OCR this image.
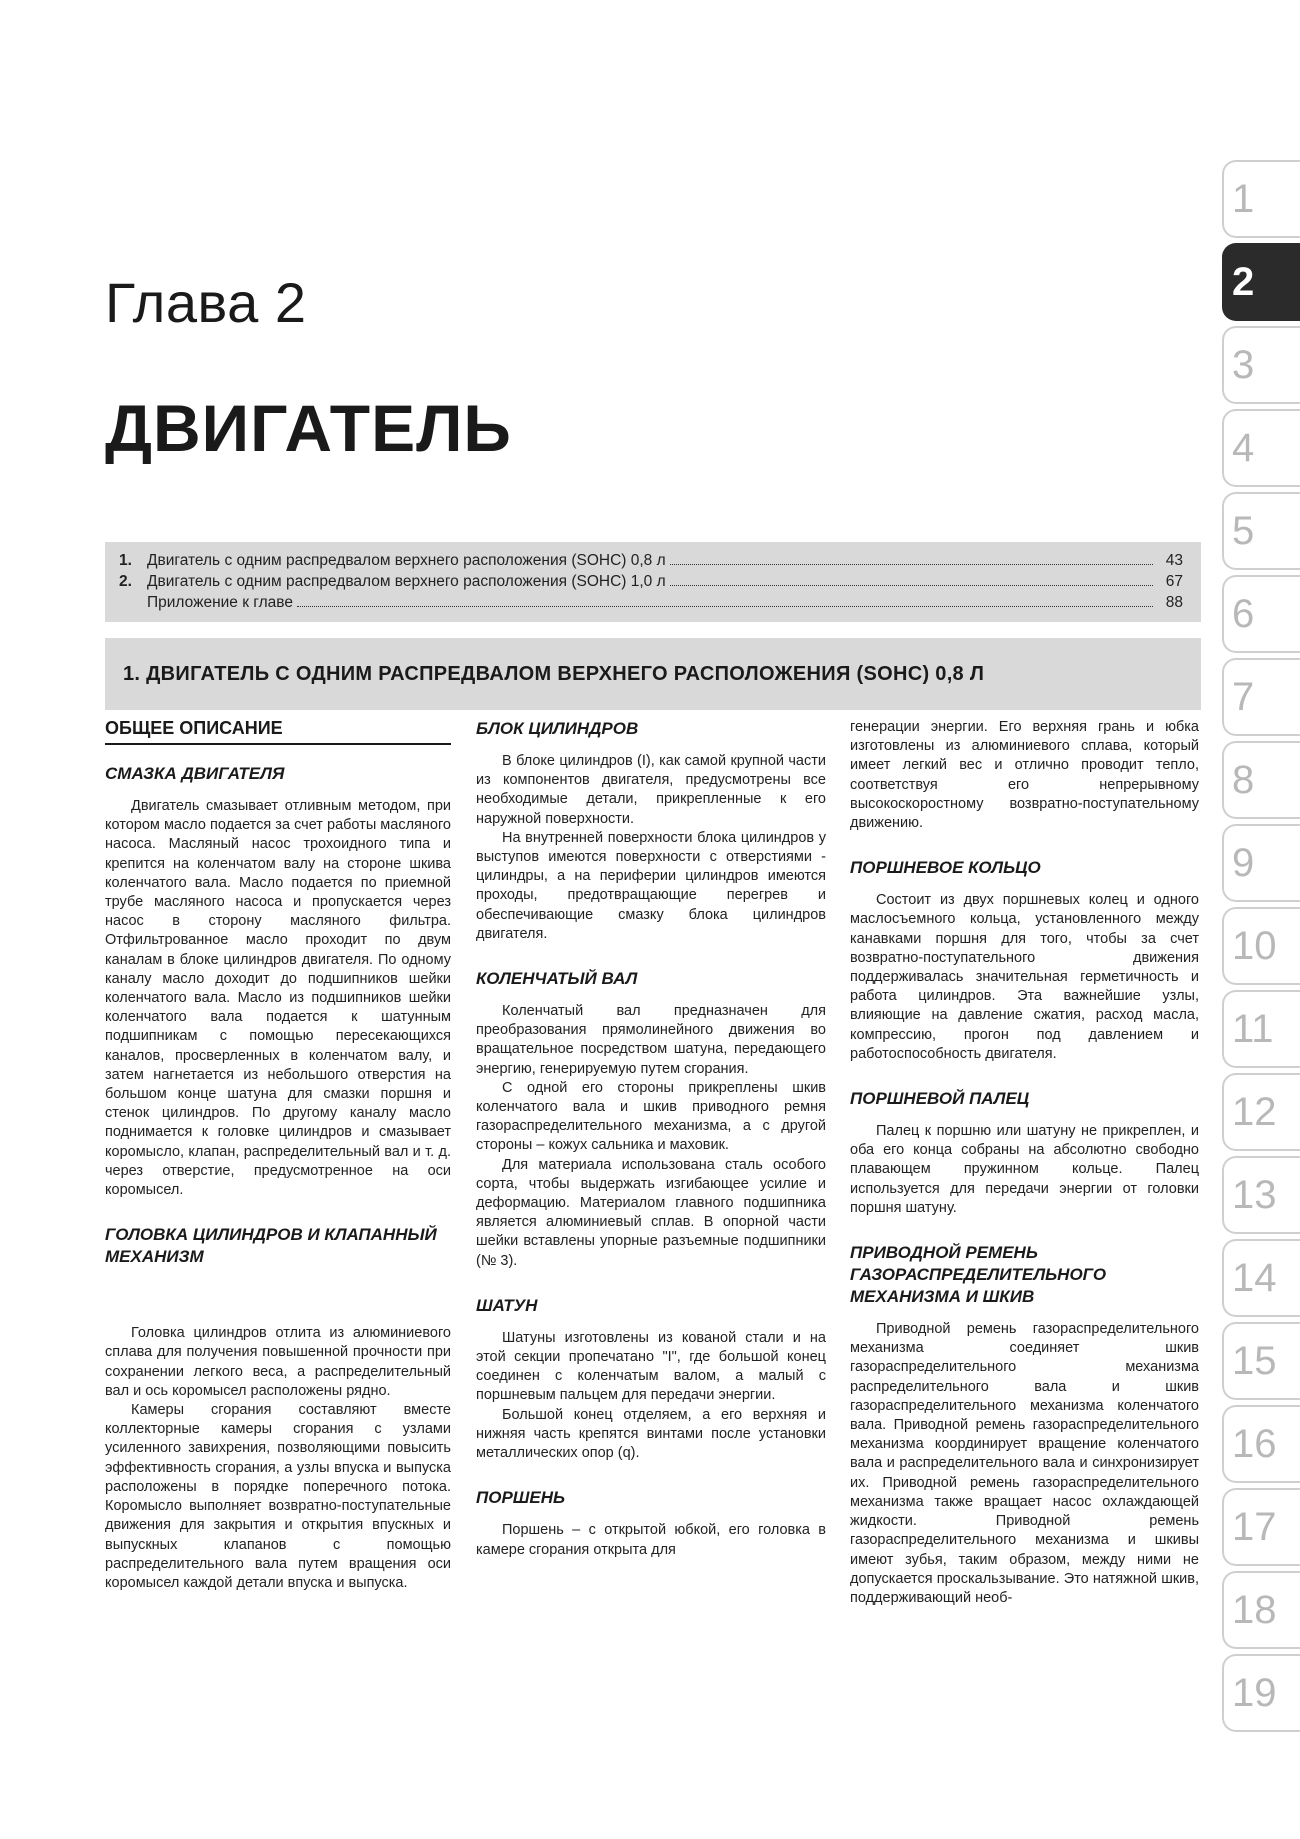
Глава 2
ДВИГАТЕЛЬ
1. Двигатель с одним распредвалом верхнего расположения (SOHC) 0,8 л	43
2. Двигатель с одним распредвалом верхнего расположения (SOHC) 1,0 л	67
Приложение к главе	88
1. ДВИГАТЕЛЬ С ОДНИМ РАСПРЕДВАЛОМ ВЕРХНЕГО РАСПОЛОЖЕНИЯ (SOHC) 0,8 Л
ОБЩЕЕ ОПИСАНИЕ
СМАЗКА ДВИГАТЕЛЯ

Двигатель смазывает отливным методом, при котором масло подается за счет работы масляного насоса. Масляный насос трохоидного типа и крепится на коленчатом валу на стороне шкива коленчатого вала. Масло подается по приемной трубе масляного насоса и пропускается через насос в сторону масляного фильтра. Отфильтрованное масло проходит по двум каналам в блоке цилиндров двигателя. По одному каналу масло доходит до подшипников шейки коленчатого вала. Масло из подшипников шейки коленчатого вала подается к шатунным подшипникам с помощью пересекающихся каналов, просверленных в коленчатом валу, и затем нагнетается из небольшого отверстия на большом конце шатуна для смазки поршня и стенок цилиндров. По другому каналу масло поднимается к головке цилиндров и смазывает коромысло, клапан, распределительный вал и т. д. через отверстие, предусмотренное на оси коромысел.

ГОЛОВКА ЦИЛИНДРОВ И КЛАПАННЫЙ МЕХАНИЗМ

Головка цилиндров отлита из алюминиевого сплава для получения повышенной прочности при сохранении легкого веса, а распределительный вал и ось коромысел расположены рядно.

Камеры сгорания составляют вместе коллекторные камеры сгорания с узлами усиленного завихрения, позволяющими повысить эффективность сгорания, а узлы впуска и выпуска расположены в порядке поперечного потока. Коромысло выполняет возвратно-поступательные движения для закрытия и открытия впускных и выпускных клапанов с помощью распределительного вала путем вращения оси коромысел каждой детали впуска и выпуска.

БЛОК ЦИЛИНДРОВ

В блоке цилиндров (I), как самой крупной части из компонентов двигателя, предусмотрены все необходимые детали, прикрепленные к его наружной поверхности.

На внутренней поверхности блока цилиндров у выступов имеются поверхности с отверстиями - цилиндры, а на периферии цилиндров имеются проходы, предотвращающие перегрев и обеспечивающие смазку блока цилиндров двигателя.

КОЛЕНЧАТЫЙ ВАЛ

Коленчатый вал предназначен для преобразования прямолинейного движения во вращательное посредством шатуна, передающего энергию, генерируемую путем сгорания.

С одной его стороны прикреплены шкив коленчатого вала и шкив приводного ремня газораспределительного механизма, а с другой стороны – кожух сальника и маховик.

Для материала использована сталь особого сорта, чтобы выдержать изгибающее усилие и деформацию. Материалом главного подшипника является алюминиевый сплав. В опорной части шейки вставлены упорные разъемные подшипники (№ 3).

ШАТУН

Шатуны изготовлены из кованой стали и на этой секции пропечатано "I", где большой конец соединен с коленчатым валом, а малый с поршневым пальцем для передачи энергии.

Большой конец отделяем, а его верхняя и нижняя часть крепятся винтами после установки металлических опор (q).

ПОРШЕНЬ

Поршень – с открытой юбкой, его головка в камере сгорания открыта для

генерации энергии. Его верхняя грань и юбка изготовлены из алюминиевого сплава, который имеет легкий вес и отлично проводит тепло, соответствуя его непрерывному высокоскоростному возвратно-поступательному движению.

ПОРШНЕВОЕ КОЛЬЦО

Состоит из двух поршневых колец и одного маслосъемного кольца, установленного между канавками поршня для того, чтобы за счет возвратно-поступательного движения поддерживалась значительная герметичность и работа цилиндров. Эта важнейшие узлы, влияющие на давление сжатия, расход масла, компрессию, прогон под давлением и работоспособность двигателя.

ПОРШНЕВОЙ ПАЛЕЦ

Палец к поршню или шатуну не прикреплен, и оба его конца собраны на абсолютно свободно плавающем пружинном кольце. Палец используется для передачи энергии от головки поршня шатуну.

ПРИВОДНОЙ РЕМЕНЬ ГАЗОРАСПРЕДЕЛИТЕЛЬНОГО МЕХАНИЗМА И ШКИВ

Приводной ремень газораспределительного механизма соединяет шкив газораспределительного механизма распределительного вала и шкив газораспределительного механизма коленчатого вала. Приводной ремень газораспределительного механизма координирует вращение коленчатого вала и распределительного вала и синхронизирует их. Приводной ремень газораспределительного механизма также вращает насос охлаждающей жидкости. Приводной ремень газораспределительного механизма и шкивы имеют зубья, таким образом, между ними не допускается проскальзывание. Это натяжной шкив, поддерживающий необ-

1
2
3
4
5
6
7
8
9
10
11
12
13
14
15
16
17
18
19
